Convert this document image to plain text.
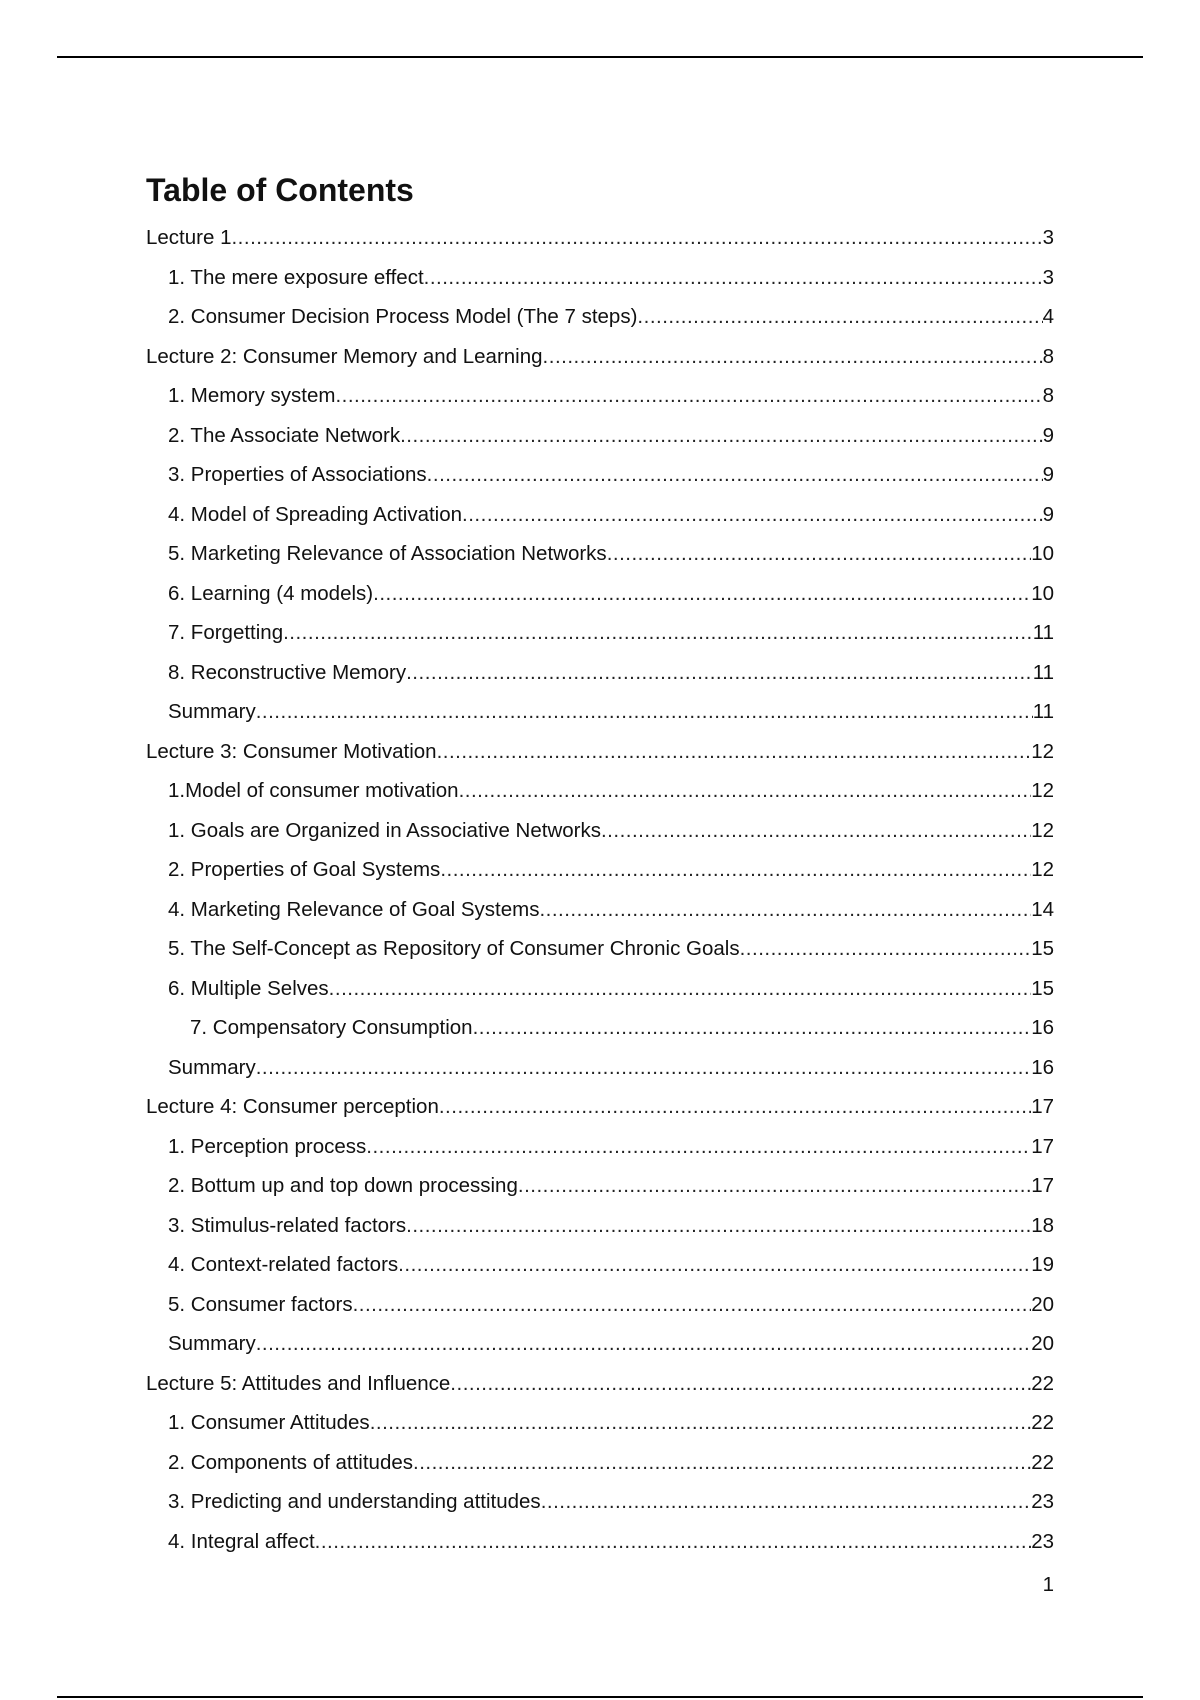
Table of Contents
Lecture 1 .....	3
1. The mere exposure effect .....	3
2. Consumer Decision Process Model (The 7 steps) .....	4
Lecture 2: Consumer Memory and Learning .....	8
1. Memory system .....	8
2. The Associate Network .....	9
3. Properties of Associations .....	9
4. Model of Spreading Activation .....	9
5. Marketing Relevance of Association Networks .....	10
6. Learning (4 models) .....	10
7. Forgetting .....	11
8. Reconstructive Memory .....	11
Summary .....	11
Lecture 3: Consumer Motivation .....	12
1.Model of consumer motivation .....	12
1. Goals are Organized in Associative Networks .....	12
2. Properties of Goal Systems .....	12
4. Marketing Relevance of Goal Systems .....	14
5. The Self-Concept as Repository of Consumer Chronic Goals .....	15
6. Multiple Selves .....	15
7. Compensatory Consumption .....	16
Summary .....	16
Lecture 4: Consumer perception .....	17
1. Perception process .....	17
2. Bottum up and top down processing .....	17
3. Stimulus-related factors .....	18
4. Context-related factors .....	19
5. Consumer factors .....	20
Summary .....	20
Lecture 5: Attitudes and Influence .....	22
1. Consumer Attitudes .....	22
2. Components of attitudes .....	22
3. Predicting and understanding attitudes .....	23
4. Integral affect .....	23
1
